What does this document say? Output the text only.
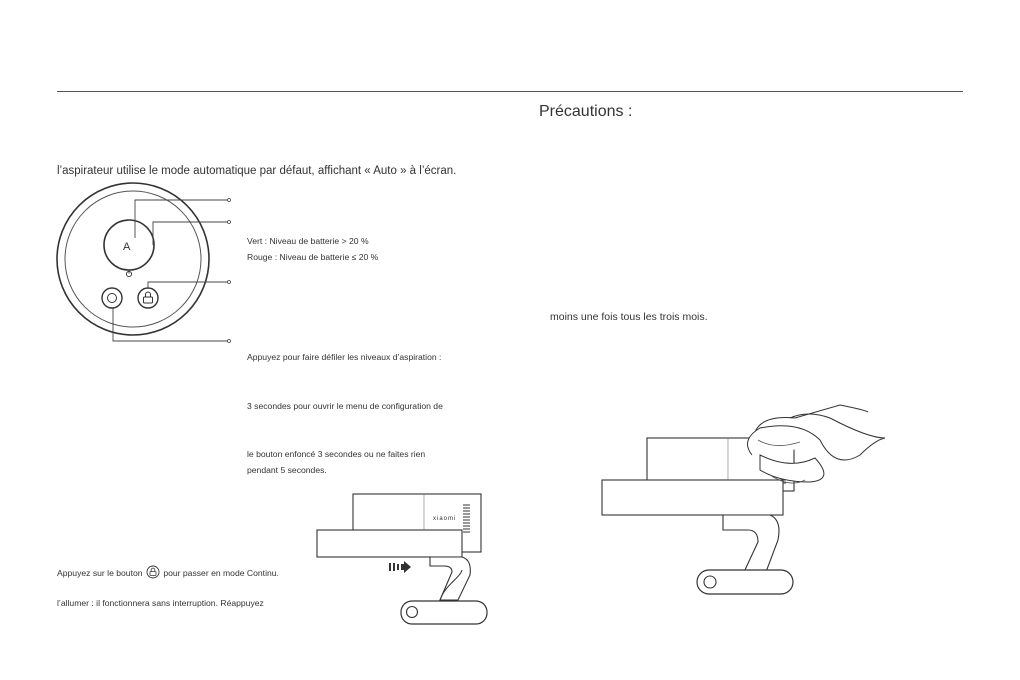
Précautions :
l’aspirateur utilise le mode automatique par défaut, affichant « Auto » à l’écran.
A	Vert : Niveau de batterie > 20 %
Rouge : Niveau de batterie ≤ 20 %
Appuyez pour faire défiler les niveaux d’aspiration :
3 secondes pour ouvrir le menu de configuration de
le bouton enfoncé 3 secondes ou ne faites rien
pendant 5 secondes.
Appuyez sur le bouton pour passer en mode Continu.
l’allumer : il fonctionnera sans interruption. Réappuyez
moins une fois tous les trois mois.
xiaomi
